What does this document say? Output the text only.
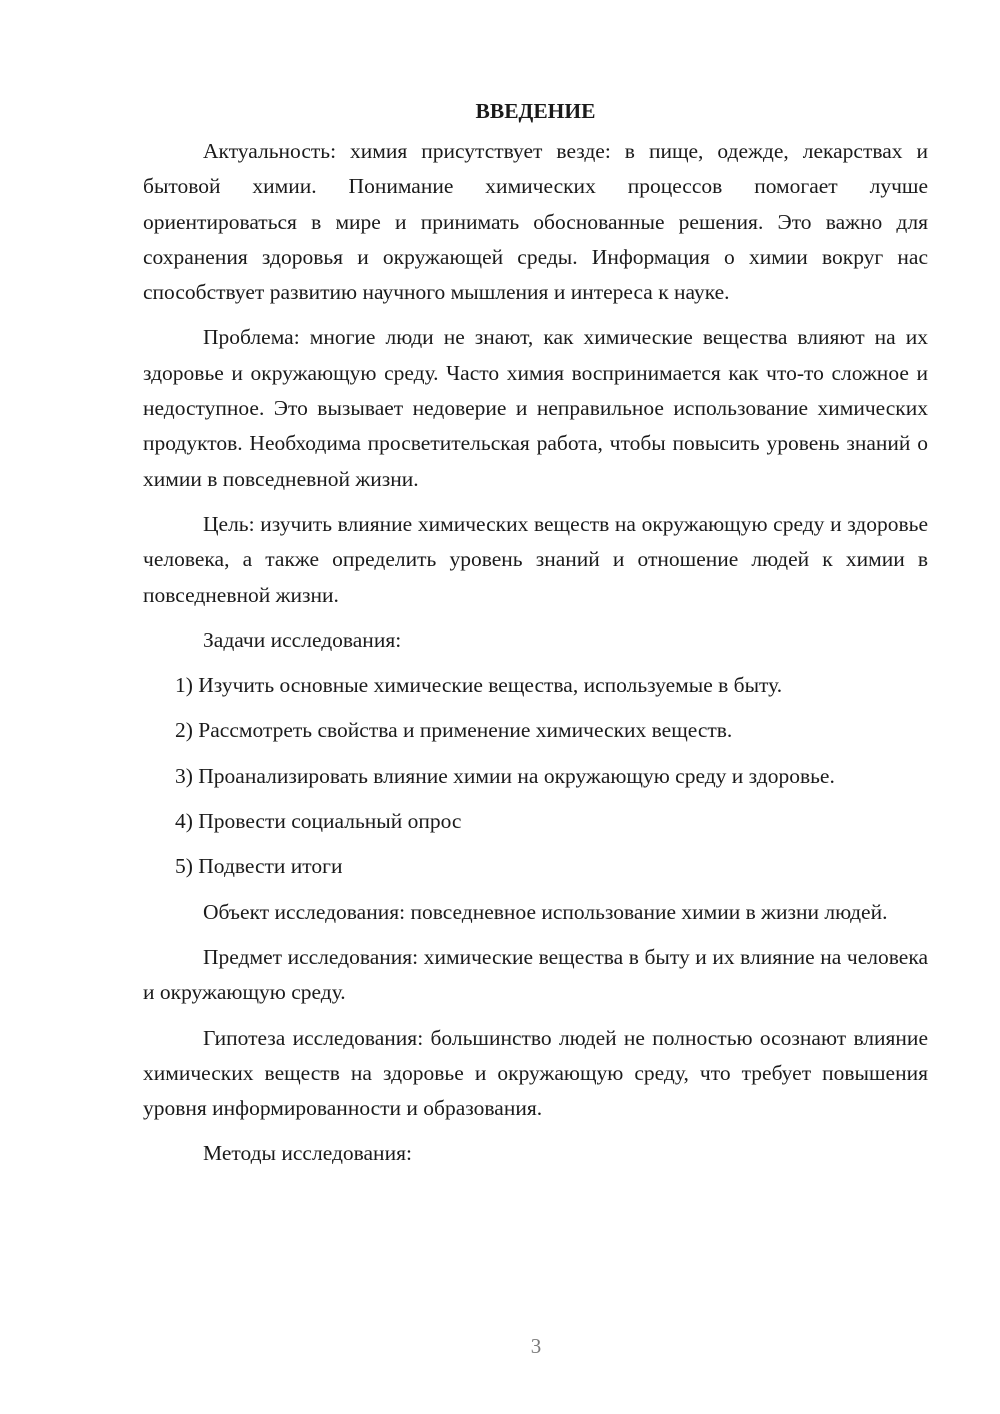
ВВЕДЕНИЕ

Актуальность: химия присутствует везде: в пище, одежде, лекарствах и бытовой химии. Понимание химических процессов помогает лучше ориентироваться в мире и принимать обоснованные решения. Это важно для сохранения здоровья и окружающей среды. Информация о химии вокруг нас способствует развитию научного мышления и интереса к науке.

Проблема: многие люди не знают, как химические вещества влияют на их здоровье и окружающую среду. Часто химия воспринимается как что-то сложное и недоступное. Это вызывает недоверие и неправильное использование химических продуктов. Необходима просветительская работа, чтобы повысить уровень знаний о химии в повседневной жизни.

Цель: изучить влияние химических веществ на окружающую среду и здоровье человека, а также определить уровень знаний и отношение людей к химии в повседневной жизни.

Задачи исследования:

1) Изучить основные химические вещества, используемые в быту.

2) Рассмотреть свойства и применение химических веществ.

3) Проанализировать влияние химии на окружающую среду и здоровье.

4) Провести социальный опрос

5) Подвести итоги

Объект исследования: повседневное использование химии в жизни людей.

Предмет исследования: химические вещества в быту и их влияние на человека и окружающую среду.

Гипотеза исследования: большинство людей не полностью осознают влияние химических веществ на здоровье и окружающую среду, что требует повышения уровня информированности и образования.

Методы исследования:

3
